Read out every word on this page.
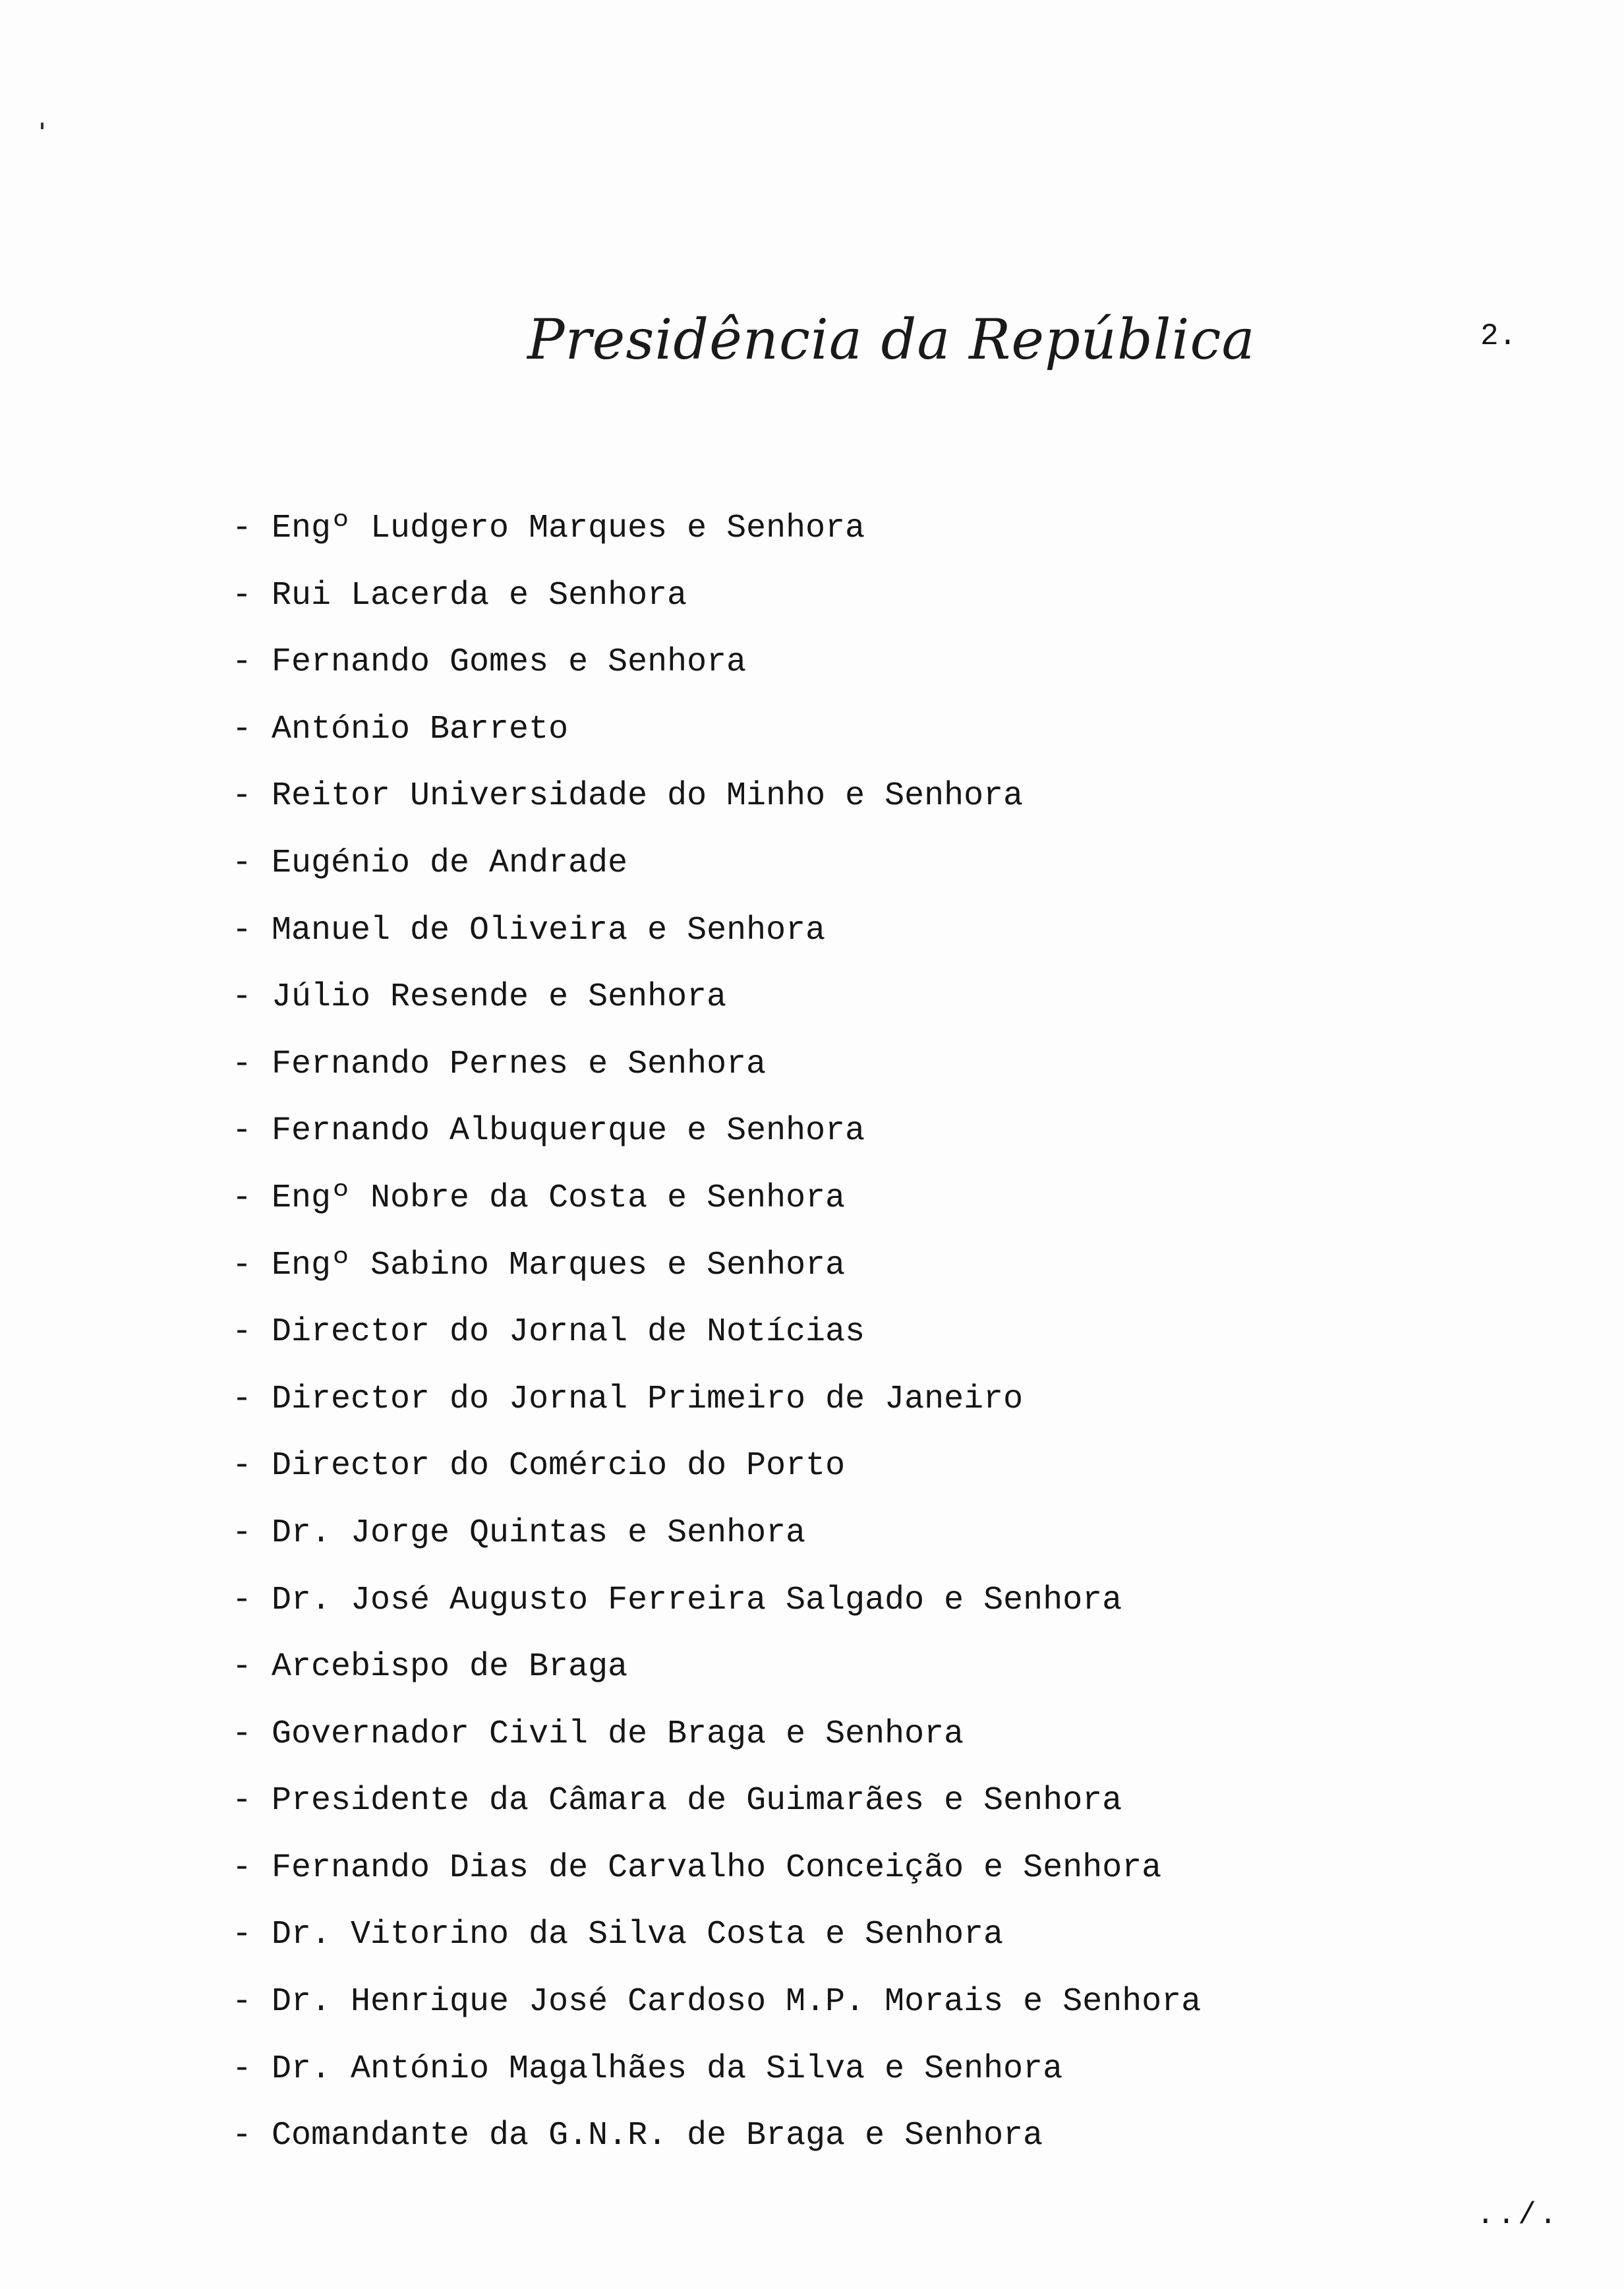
Presidência da República	2.
- Engº Ludgero Marques e Senhora
- Rui Lacerda e Senhora
- Fernando Gomes e Senhora
- António Barreto
- Reitor Universidade do Minho e Senhora
- Eugénio de Andrade
- Manuel de Oliveira e Senhora
- Júlio Resende e Senhora
- Fernando Pernes e Senhora
- Fernando Albuquerque e Senhora
- Engº Nobre da Costa e Senhora
- Engº Sabino Marques e Senhora
- Director do Jornal de Notícias
- Director do Jornal Primeiro de Janeiro
- Director do Comércio do Porto
- Dr. Jorge Quintas e Senhora
- Dr. José Augusto Ferreira Salgado e Senhora
- Arcebispo de Braga
- Governador Civil de Braga e Senhora
- Presidente da Câmara de Guimarães e Senhora
- Fernando Dias de Carvalho Conceição e Senhora
- Dr. Vitorino da Silva Costa e Senhora
- Dr. Henrique José Cardoso M.P. Morais e Senhora
- Dr. António Magalhães da Silva e Senhora
- Comandante da G.N.R. de Braga e Senhora
../.
